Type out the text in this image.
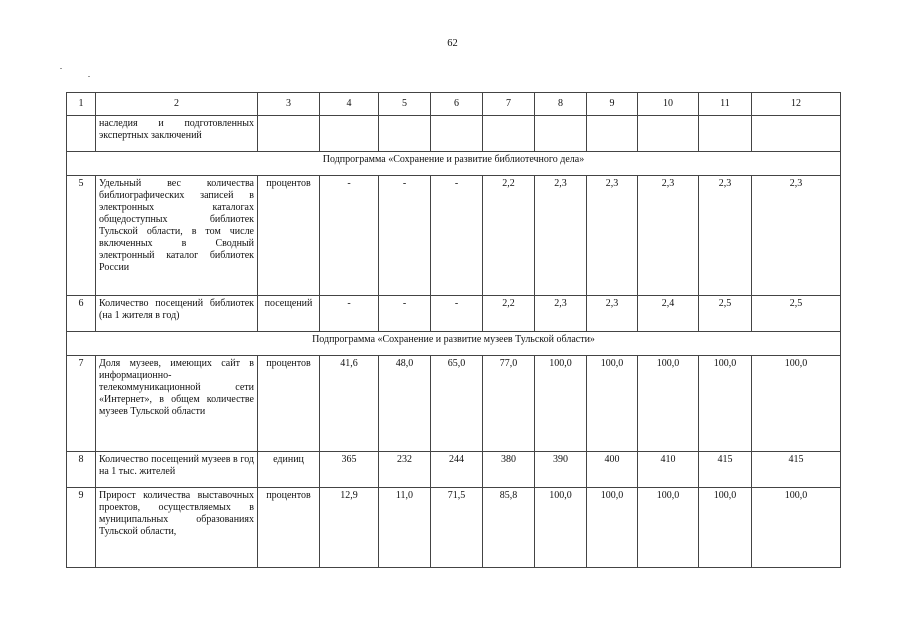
62
1	2	3	4	5	6	7	8	9	10	11	12
	наследия и подготовленных экспертных заключений										
Подпрограмма «Сохранение и развитие библиотечного дела»											
5	Удельный вес количества библиографических записей в электронных каталогах общедоступных библиотек Тульской области, в том числе включенных в Сводный электронный каталог библиотек России	процентов	-	-	-	2,2	2,3	2,3	2,3	2,3	2,3
6	Количество посещений библиотек (на 1 жителя в год)	посещений	-	-	-	2,2	2,3	2,3	2,4	2,5	2,5
Подпрограмма «Сохранение и развитие музеев Тульской области»											
7	Доля музеев, имеющих сайт в информационно-телекоммуникационной сети «Интернет», в общем количестве музеев Тульской области	процентов	41,6	48,0	65,0	77,0	100,0	100,0	100,0	100,0	100,0
8	Количество посещений музеев в год на 1 тыс. жителей	единиц	365	232	244	380	390	400	410	415	415
9	Прирост количества выставочных проектов, осуществляемых в муниципальных образованиях Тульской области,	процентов	12,9	11,0	71,5	85,8	100,0	100,0	100,0	100,0	100,0
